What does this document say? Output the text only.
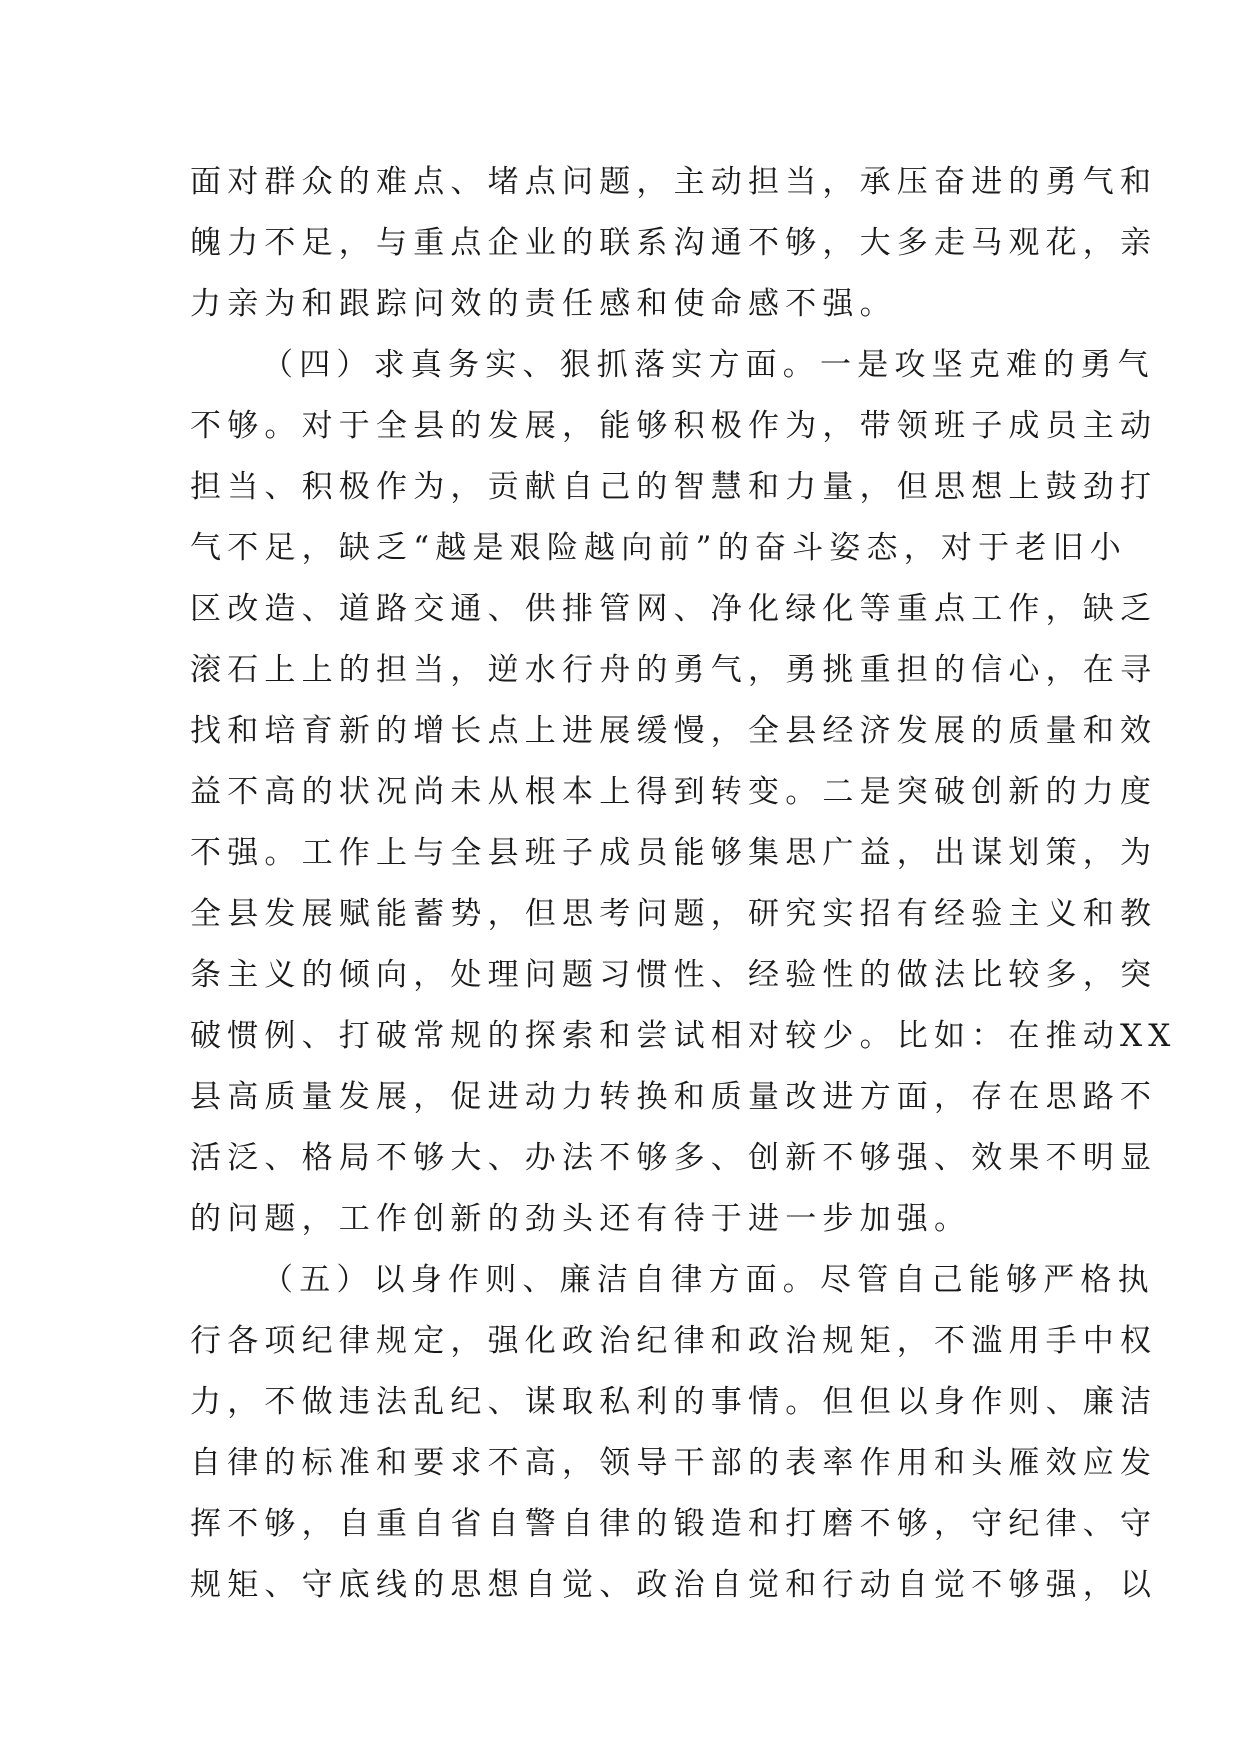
面对群众的难点、堵点问题，主动担当，承压奋进的勇气和
魄力不足，与重点企业的联系沟通不够，大多走马观花，亲
力亲为和跟踪问效的责任感和使命感不强。
（四）求真务实、狠抓落实方面。一是攻坚克难的勇气
不够。对于全县的发展，能够积极作为，带领班子成员主动
担当、积极作为，贡献自己的智慧和力量，但思想上鼓劲打
气不足，缺乏“越是艰险越向前”的奋斗姿态，对于老旧小
区改造、道路交通、供排管网、净化绿化等重点工作，缺乏
滚石上上的担当，逆水行舟的勇气，勇挑重担的信心，在寻
找和培育新的增长点上进展缓慢，全县经济发展的质量和效
益不高的状况尚未从根本上得到转变。二是突破创新的力度
不强。工作上与全县班子成员能够集思广益，出谋划策，为
全县发展赋能蓄势，但思考问题，研究实招有经验主义和教
条主义的倾向，处理问题习惯性、经验性的做法比较多，突
破惯例、打破常规的探索和尝试相对较少。比如：在推动XX
县高质量发展，促进动力转换和质量改进方面，存在思路不
活泛、格局不够大、办法不够多、创新不够强、效果不明显
的问题，工作创新的劲头还有待于进一步加强。
（五）以身作则、廉洁自律方面。尽管自己能够严格执
行各项纪律规定，强化政治纪律和政治规矩，不滥用手中权
力，不做违法乱纪、谋取私利的事情。但但以身作则、廉洁
自律的标准和要求不高，领导干部的表率作用和头雁效应发
挥不够，自重自省自警自律的锻造和打磨不够，守纪律、守
规矩、守底线的思想自觉、政治自觉和行动自觉不够强，以
